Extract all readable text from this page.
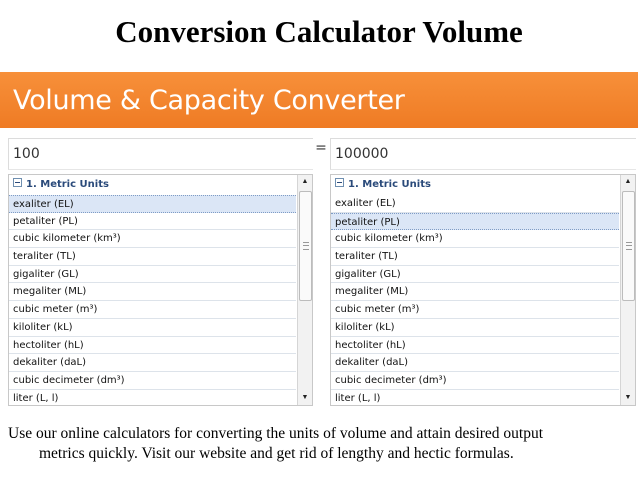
Conversion Calculator Volume
Volume & Capacity Converter
100
1. Metric Units
exaliter (EL)
petaliter (PL)
cubic kilometer (km³)
teraliter (TL)
gigaliter (GL)
megaliter (ML)
cubic meter (m³)
kiloliter (kL)
hectoliter (hL)
dekaliter (daL)
cubic decimeter (dm³)
liter (L, l)
▲
▼
=
100000
1. Metric Units
exaliter (EL)
petaliter (PL)
cubic kilometer (km³)
teraliter (TL)
gigaliter (GL)
megaliter (ML)
cubic meter (m³)
kiloliter (kL)
hectoliter (hL)
dekaliter (daL)
cubic decimeter (dm³)
liter (L, l)
▲
▼
Use our online calculators for converting the units of volume and attain desired output
metrics quickly. Visit our website and get rid of lengthy and hectic formulas.
